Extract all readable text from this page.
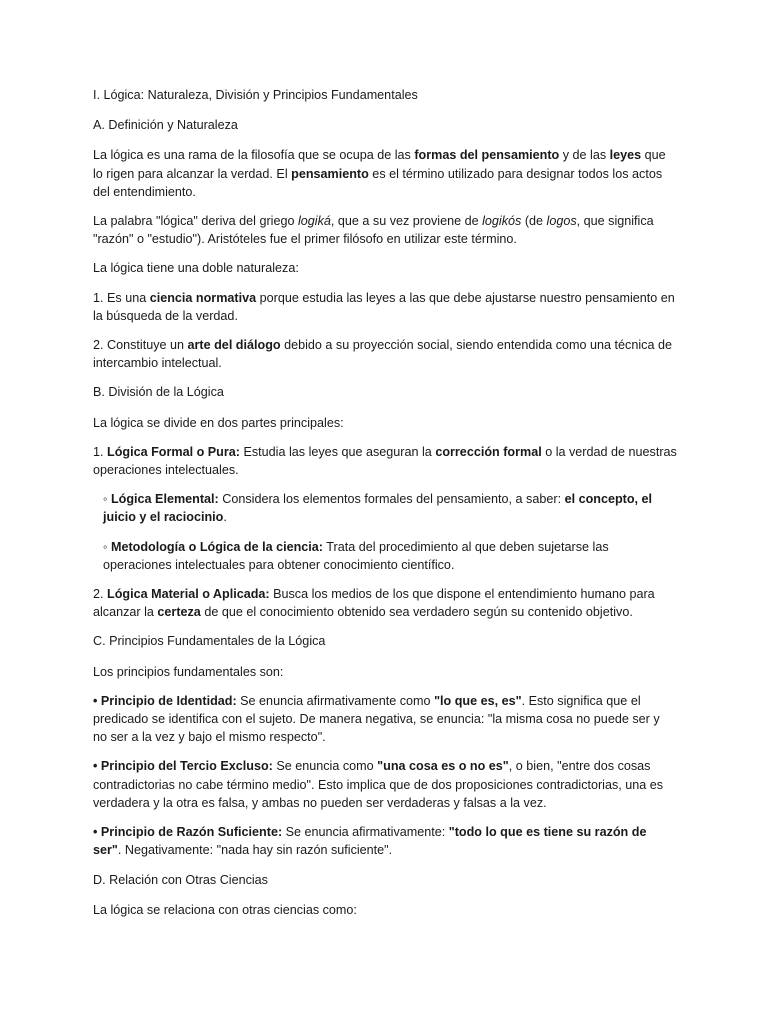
I. Lógica: Naturaleza, División y Principios Fundamentales

A. Definición y Naturaleza

La lógica es una rama de la filosofía que se ocupa de las formas del pensamiento y de las leyes que lo rigen para alcanzar la verdad. El pensamiento es el término utilizado para designar todos los actos del entendimiento.

La palabra "lógica" deriva del griego logiká, que a su vez proviene de logikós (de logos, que significa "razón" o "estudio"). Aristóteles fue el primer filósofo en utilizar este término.

La lógica tiene una doble naturaleza:

1. Es una ciencia normativa porque estudia las leyes a las que debe ajustarse nuestro pensamiento en la búsqueda de la verdad.

2. Constituye un arte del diálogo debido a su proyección social, siendo entendida como una técnica de intercambio intelectual.

B. División de la Lógica

La lógica se divide en dos partes principales:

1. Lógica Formal o Pura: Estudia las leyes que aseguran la corrección formal o la verdad de nuestras operaciones intelectuales.

◦ Lógica Elemental: Considera los elementos formales del pensamiento, a saber: el concepto, el juicio y el raciocinio.

◦ Metodología o Lógica de la ciencia: Trata del procedimiento al que deben sujetarse las operaciones intelectuales para obtener conocimiento científico.

2. Lógica Material o Aplicada: Busca los medios de los que dispone el entendimiento humano para alcanzar la certeza de que el conocimiento obtenido sea verdadero según su contenido objetivo.

C. Principios Fundamentales de la Lógica

Los principios fundamentales son:

• Principio de Identidad: Se enuncia afirmativamente como "lo que es, es". Esto significa que el predicado se identifica con el sujeto. De manera negativa, se enuncia: "la misma cosa no puede ser y no ser a la vez y bajo el mismo respecto".

• Principio del Tercio Excluso: Se enuncia como "una cosa es o no es", o bien, "entre dos cosas contradictorias no cabe término medio". Esto implica que de dos proposiciones contradictorias, una es verdadera y la otra es falsa, y ambas no pueden ser verdaderas y falsas a la vez.

• Principio de Razón Suficiente: Se enuncia afirmativamente: "todo lo que es tiene su razón de ser". Negativamente: "nada hay sin razón suficiente".

D. Relación con Otras Ciencias

La lógica se relaciona con otras ciencias como:
